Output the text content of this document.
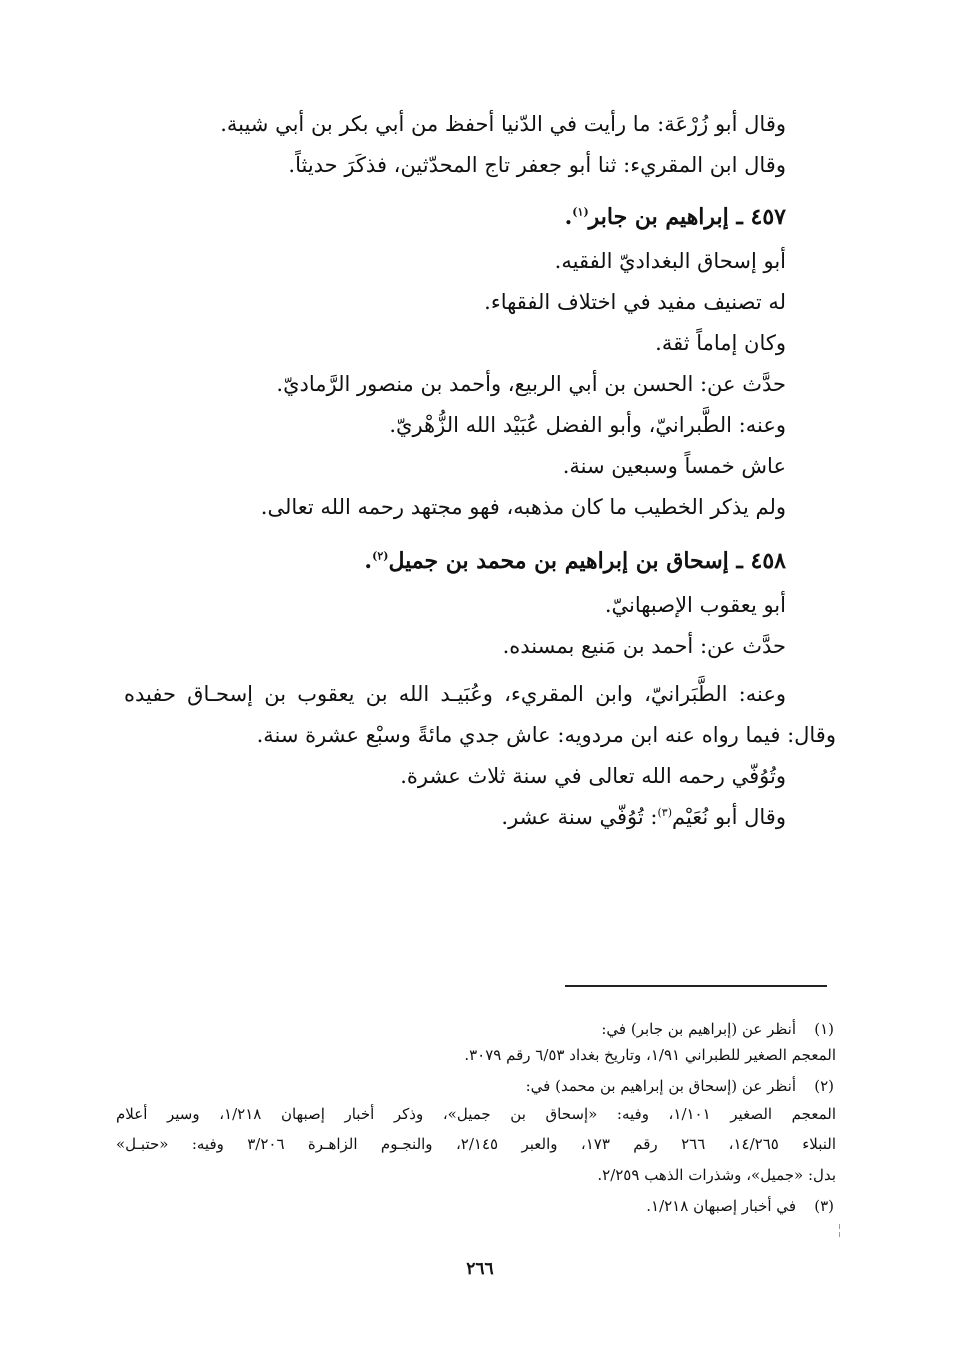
وقال أبو زُرْعَة: ما رأيت في الدّنيا أحفظ من أبي بكر بن أبي شيبة.
وقال ابن المقريء: ثنا أبو جعفر تاج المحدّثين، فذكَرَ حديثاً.
٤٥٧ ـ إبراهيم بن جابر$^{(١)}$.
أبو إسحاق البغداديّ الفقيه.
له تصنيف مفيد في اختلاف الفقهاء.
وكان إماماً ثقة.
حدَّث عن: الحسن بن أبي الربيع، وأحمد بن منصور الرَّماديّ.
وعنه: الطَّبرانيّ، وأبو الفضل عُبَيْد الله الزُّهْريّ.
عاش خمساً وسبعين سنة.
ولم يذكر الخطيب ما كان مذهبه، فهو مجتهد رحمه الله تعالى.
٤٥٨ ـ إسحاق بن إبراهيم بن محمد بن جميل$^{(٢)}$.
أبو يعقوب الإصبهانيّ.
حدَّث عن: أحمد بن مَنيع بمسنده.
وعنه: الطَّبَرانيّ، وابن المقريء، وعُبَيـد الله بن يعقوب بن إسحـاق حفيده
وقال: فيما رواه عنه ابن مردويه: عاش جدي مائةً وسبْع عشرة سنة.
وتُوُفّي رحمه الله تعالى في سنة ثلاث عشرة.
وقال أبو نُعَيْم$^{(٣)}$: تُوُفّي سنة عشر.
(١)
أنظر عن (إبراهيم بن جابر) في:
المعجم الصغير للطبراني ١/٩١، وتاريخ بغداد ٦/٥٣ رقم ٣٠٧٩.
(٢)
أنظر عن (إسحاق بن إبراهيم بن محمد) في:
المعجم الصغير ١/١٠١، وفيه: «إسحاق بن جميل»، وذكر أخبار إصبهان ١/٢١٨، وسير أعلام
النبلاء ١٤/٢٦٥، ٢٦٦ رقم ١٧٣، والعبر ٢/١٤٥، والنجـوم الزاهـرة ٣/٢٠٦ وفيه: «حتبـل»
بدل: «جميل»، وشذرات الذهب ٢/٢٥٩.
(٣)
في أخبار إصبهان ١/٢١٨.
٢٦٦
